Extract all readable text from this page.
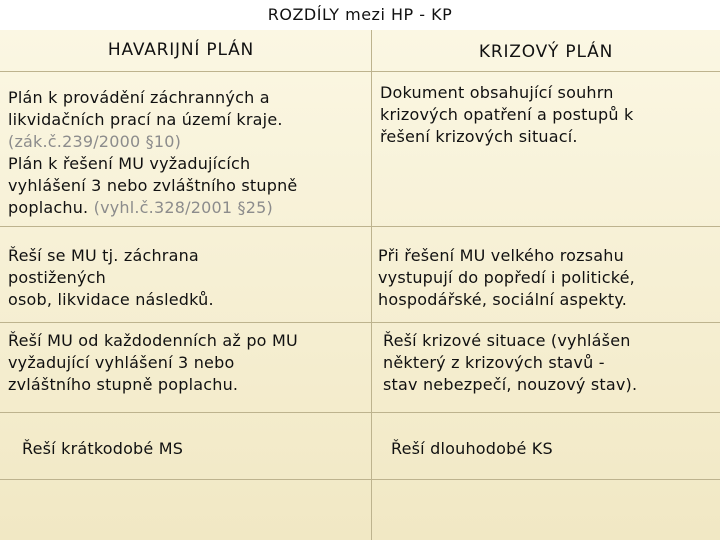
ROZDÍLY mezi HP - KP
HAVARIJNÍ PLÁN	KRIZOVÝ PLÁN
Plán k provádění záchranných a
likvidačních prací na území kraje.
(zák.č.239/2000 §10)
Plán k řešení MU vyžadujících
vyhlášení 3 nebo zvláštního stupně
poplachu. (vyhl.č.328/2001 §25)
Dokument obsahující souhrn
krizových opatření a postupů k
řešení krizových situací.
Řeší se MU tj. záchrana
postižených
osob, likvidace následků.
Při řešení MU velkého rozsahu
vystupují do popředí i politické,
hospodářské, sociální aspekty.
Řeší MU od každodenních až po MU
vyžadující vyhlášení 3 nebo
zvláštního stupně poplachu.
Řeší krizové situace (vyhlášen
některý z krizových stavů -
stav nebezpečí, nouzový stav).
Řeší krátkodobé MS	Řeší dlouhodobé KS
